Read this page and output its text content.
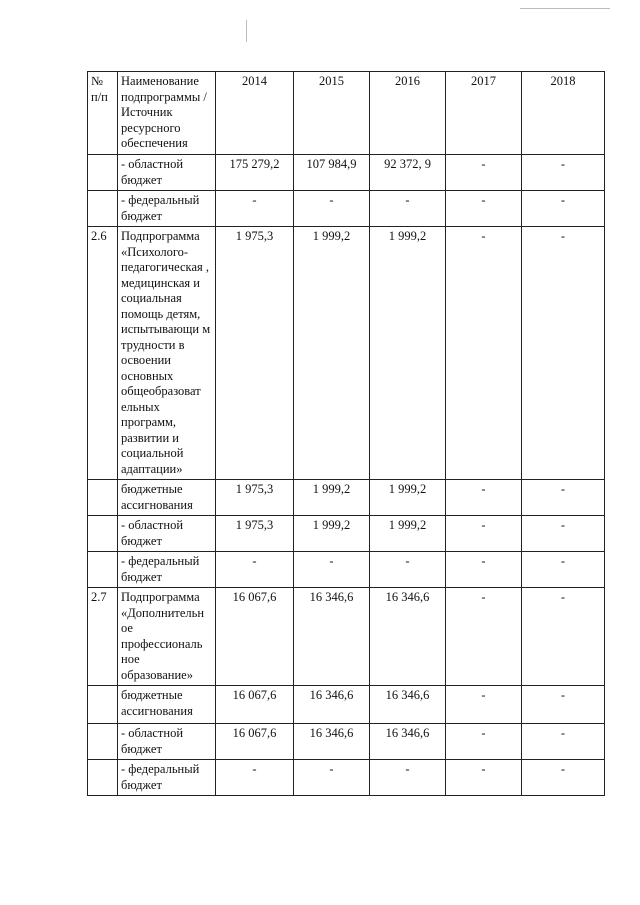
№ п/п	Наименование подпрограммы / Источник ресурсного обеспечения	2014	2015	2016	2017	2018
	- областной бюджет	175 279,2	107 984,9	92 372, 9	-	-
	- федеральный бюджет	-	-	-	-	-
2.6	Подпрограмма «Психолого-педагогическая , медицинская и социальная помощь детям, испытывающи м трудности в освоении основных общеобразоват ельных программ, развитии и социальной адаптации»	1 975,3	1 999,2	1 999,2	-	-
	бюджетные ассигнования	1 975,3	1 999,2	1 999,2	-	-
	- областной бюджет	1 975,3	1 999,2	1 999,2	-	-
	- федеральный бюджет	-	-	-	-	-
2.7	Подпрограмма «Дополнительн ое профессиональ ное образование»	16 067,6	16 346,6	16 346,6	-	-
	бюджетные ассигнования	16 067,6	16 346,6	16 346,6	-	-
	- областной бюджет	16 067,6	16 346,6	16 346,6	-	-
	- федеральный бюджет	-	-	-	-	-
